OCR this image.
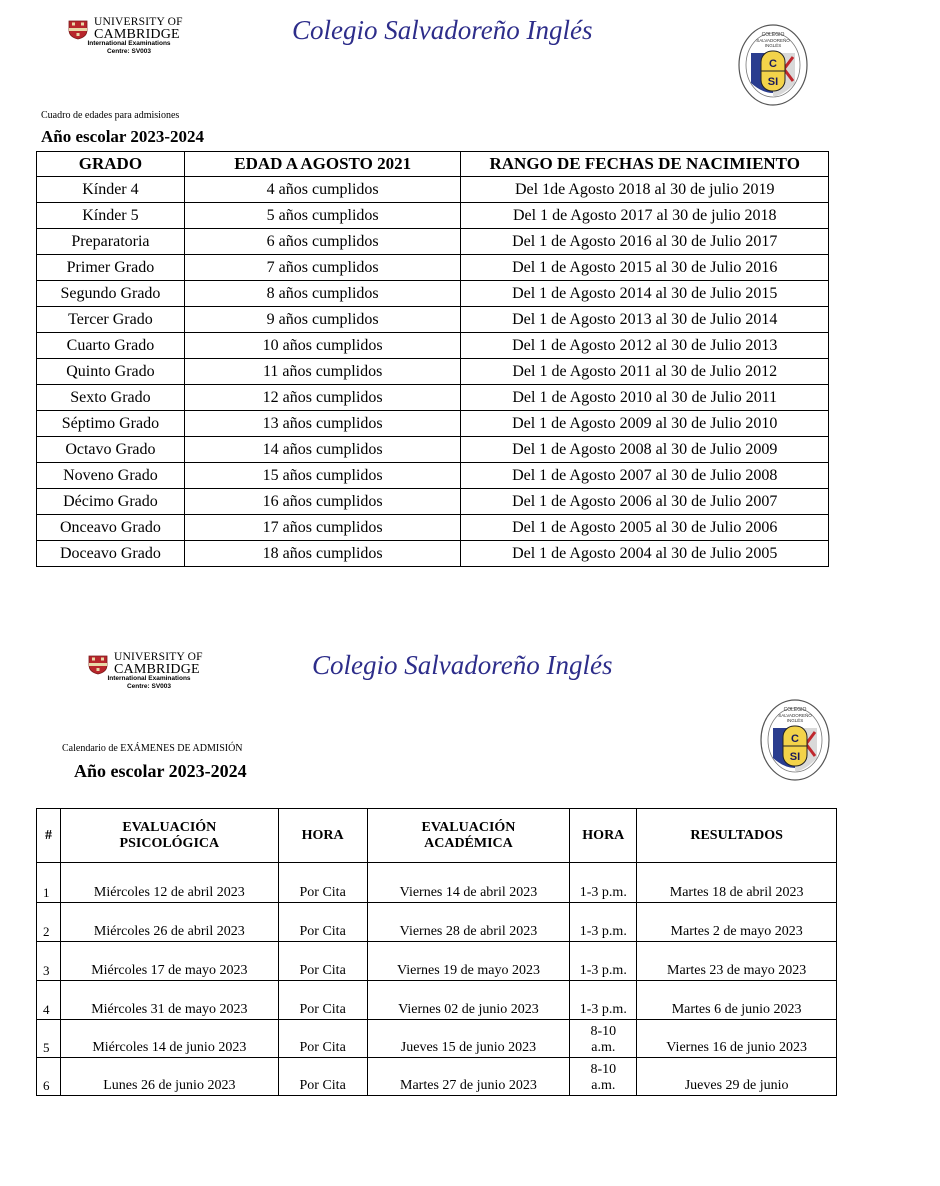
UNIVERSITY OF
CAMBRIDGE
International Examinations
Centre: SV003
Colegio Salvadoreño Inglés
C
SI
COLEGIO
SALVADOREÑO
INGLÉS
Cuadro de edades para admisiones
Año escolar 2023-2024
GRADO	EDAD A AGOSTO 2021	RANGO DE FECHAS DE NACIMIENTO
Kínder 4	4 años cumplidos	Del 1de Agosto 2018 al 30 de julio 2019
Kínder 5	5 años cumplidos	Del 1 de Agosto 2017 al 30 de julio 2018
Preparatoria	6 años cumplidos	Del 1 de Agosto 2016 al 30 de Julio 2017
Primer Grado	7 años cumplidos	Del 1 de Agosto 2015 al 30 de Julio 2016
Segundo Grado	8 años cumplidos	Del 1 de Agosto 2014 al 30 de Julio 2015
Tercer Grado	9 años cumplidos	Del 1 de Agosto 2013 al 30 de Julio 2014
Cuarto Grado	10 años cumplidos	Del 1 de Agosto 2012 al 30 de Julio 2013
Quinto Grado	11 años cumplidos	Del 1 de Agosto 2011 al 30 de Julio 2012
Sexto Grado	12 años cumplidos	Del 1 de Agosto 2010 al 30 de Julio 2011
Séptimo Grado	13 años cumplidos	Del 1 de Agosto 2009 al 30 de Julio 2010
Octavo Grado	14 años cumplidos	Del 1 de Agosto 2008 al 30 de Julio 2009
Noveno Grado	15 años cumplidos	Del 1 de Agosto 2007 al 30 de Julio 2008
Décimo Grado	16 años cumplidos	Del 1 de Agosto 2006 al 30 de Julio 2007
Onceavo Grado	17 años cumplidos	Del 1 de Agosto 2005 al 30 de Julio 2006
Doceavo Grado	18 años cumplidos	Del 1 de Agosto 2004 al 30 de Julio 2005
UNIVERSITY OF
CAMBRIDGE
International Examinations
Centre: SV003
Colegio Salvadoreño Inglés
C
SI
COLEGIO
SALVADOREÑO
INGLÉS
Calendario de EXÁMENES DE ADMISIÓN
Año escolar 2023-2024
#	EVALUACIÓN PSICOLÓGICA	HORA	EVALUACIÓN ACADÉMICA	HORA	RESULTADOS
1	Miércoles 12 de abril 2023	Por Cita	Viernes 14 de abril 2023	1-3 p.m.	Martes 18 de abril 2023
2	Miércoles 26 de abril 2023	Por Cita	Viernes 28 de abril 2023	1-3 p.m.	Martes 2 de mayo 2023
3	Miércoles 17 de mayo 2023	Por Cita	Viernes 19 de mayo 2023	1-3 p.m.	Martes 23 de mayo 2023
4	Miércoles 31 de mayo 2023	Por Cita	Viernes 02 de junio 2023	1-3 p.m.	Martes 6 de junio 2023
5	Miércoles 14 de junio 2023	Por Cita	Jueves 15 de junio 2023	8-10 a.m.	Viernes 16 de junio 2023
6	Lunes 26 de junio 2023	Por Cita	Martes 27 de junio 2023	8-10 a.m.	Jueves 29 de junio
